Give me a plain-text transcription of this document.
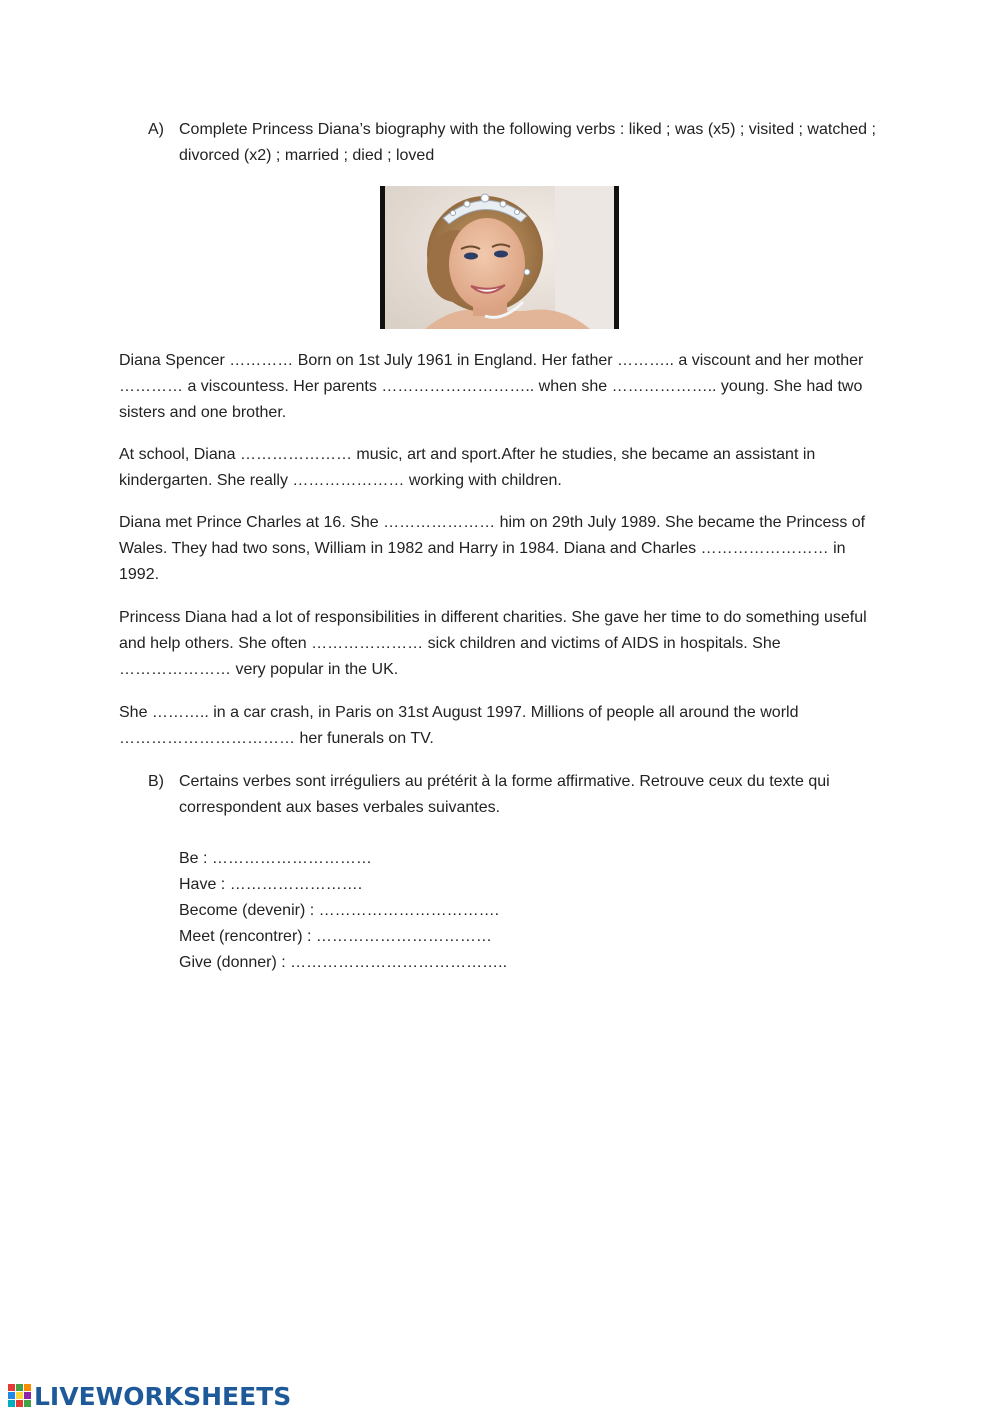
A) Complete Princess Diana’s biography with the following verbs : liked ; was (x5) ; visited ; watched ; divorced (x2) ; married ; died ; loved

Diana Spencer ………… Born on 1st July 1961 in England. Her father ……….. a viscount and her mother ………… a viscountess. Her parents ……………………….. when she ……………….. young. She had two sisters and one brother.

At school, Diana ………………… music, art and sport.After he studies, she became an assistant in kindergarten. She really ………………… working with children.

Diana met Prince Charles at 16. She ………………… him on 29th July 1989. She became the Princess of Wales. They had two sons, William in 1982 and Harry in 1984. Diana and Charles …………………… in 1992.

Princess Diana had a lot of responsibilities in different charities. She gave her time to do something useful and help others. She often ………………… sick children and victims of AIDS in hospitals. She ………………… very popular in the UK.

She ……….. in a car crash, in Paris on 31st August 1997. Millions of people all around the world …………………………… her funerals on TV.

B) Certains verbes sont irréguliers au prétérit à la forme affirmative. Retrouve ceux du texte qui correspondent aux bases verbales suivantes.
Be : …………………………
Have : …………………….
Become (devenir) : …………………………….
Meet (rencontrer) : ……………………………
Give (donner) : …………………………………..
LIVEWORKSHEETS
